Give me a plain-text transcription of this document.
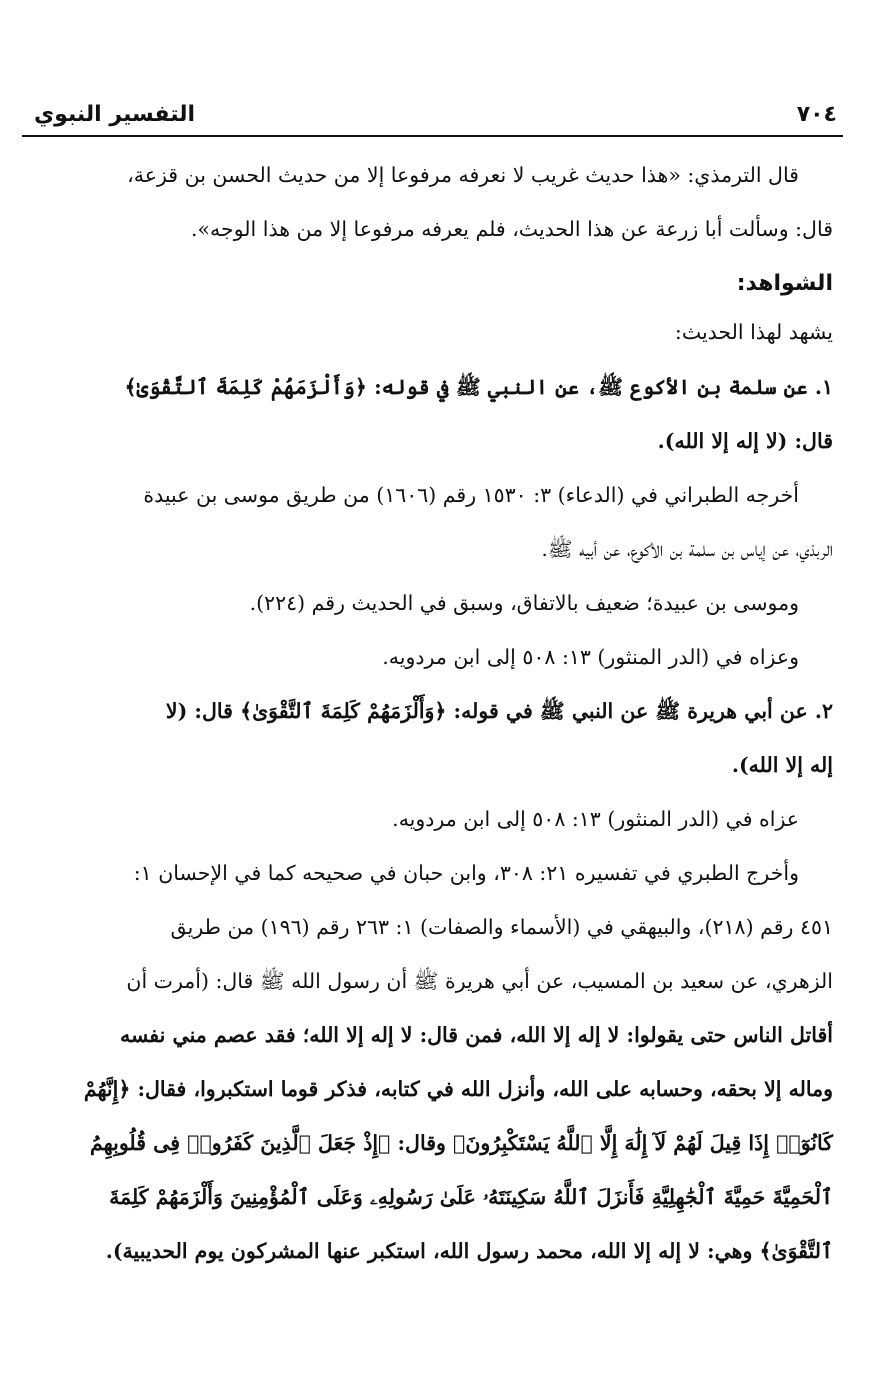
٧٠٤
التفسير النبوي

قال الترمذي: «هذا حديث غريب لا نعرفه مرفوعا إلا من حديث الحسن بن قزعة،

قال: وسألت أبا زرعة عن هذا الحديث، فلم يعرفه مرفوعا إلا من هذا الوجه».

الشواهد:

يشهد لهذا الحديث:

١. عن سلمة بن الأكوع ﷺ، عن النبي ﷺ في قوله: ﴿وَأَلْزَمَهُمْ كَلِمَةَ ٱلتَّقْوَىٰ﴾

قال: (لا إله إلا الله).

أخرجه الطبراني في (الدعاء) ٣: ١٥٣٠ رقم (١٦٠٦) من طريق موسى بن عبيدة

الربذي، عن إياس بن سلمة بن الأكوع، عن أبيه ﷺ.

وموسى بن عبيدة؛ ضعيف بالاتفاق، وسبق في الحديث رقم (٢٢٤).

وعزاه في (الدر المنثور) ١٣: ٥٠٨ إلى ابن مردويه.

٢. عن أبي هريرة ﷺ عن النبي ﷺ في قوله: ﴿وَأَلْزَمَهُمْ كَلِمَةَ ٱلتَّقْوَىٰ﴾ قال: (لا

إله إلا الله).

عزاه في (الدر المنثور) ١٣: ٥٠٨ إلى ابن مردويه.

وأخرج الطبري في تفسيره ٢١: ٣٠٨، وابن حبان في صحيحه كما في الإحسان ١:

٤٥١ رقم (٢١٨)، والبيهقي في (الأسماء والصفات) ١: ٢٦٣ رقم (١٩٦) من طريق

الزهري، عن سعيد بن المسيب، عن أبي هريرة ﷺ أن رسول الله ﷺ قال: (أمرت أن

أقاتل الناس حتى يقولوا: لا إله إلا الله، فمن قال: لا إله إلا الله؛ فقد عصم مني نفسه

وماله إلا بحقه، وحسابه على الله، وأنزل الله في كتابه، فذكر قوما استكبروا، فقال: ﴿إِنَّهُمْ

كَانُوٓا۟ إِذَا قِيلَ لَهُمْ لَآ إِلَٰهَ إِلَّا ٱللَّهُ يَسْتَكْبِرُونَ﴾ وقال: ﴿إِذْ جَعَلَ ٱلَّذِينَ كَفَرُوا۟ فِى قُلُوبِهِمُ

ٱلْحَمِيَّةَ حَمِيَّةَ ٱلْجَٰهِلِيَّةِ فَأَنزَلَ ٱللَّهُ سَكِينَتَهُۥ عَلَىٰ رَسُولِهِۦ وَعَلَى ٱلْمُؤْمِنِينَ وَأَلْزَمَهُمْ كَلِمَةَ

ٱلتَّقْوَىٰ﴾ وهي: لا إله إلا الله، محمد رسول الله، استكبر عنها المشركون يوم الحديبية).
